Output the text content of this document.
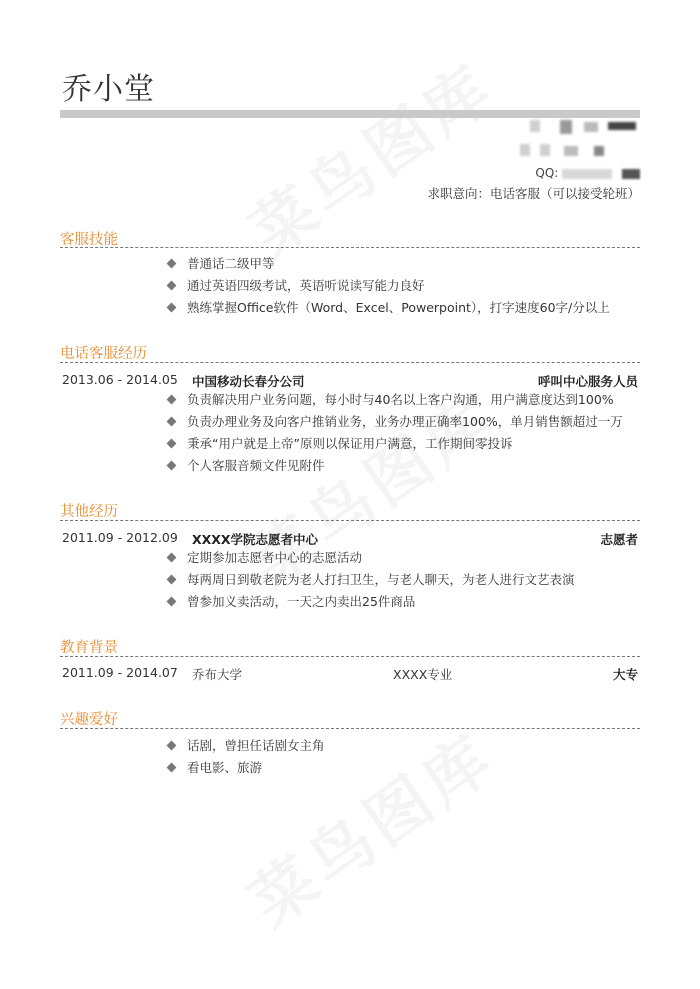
乔小堂
QQ:
求职意向：电话客服（可以接受轮班）
客服技能
普通话二级甲等
通过英语四级考试，英语听说读写能力良好
熟练掌握Office软件（Word、Excel、Powerpoint），打字速度60字/分以上
电话客服经历
2013.06 - 2014.05 中国移动长春分公司	呼叫中心服务人员
负责解决用户业务问题，每小时与40名以上客户沟通，用户满意度达到100%
负责办理业务及向客户推销业务，业务办理正确率100%，单月销售额超过一万
秉承“用户就是上帝”原则以保证用户满意，工作期间零投诉
个人客服音频文件见附件
其他经历
2011.09 - 2012.09 XXXX学院志愿者中心	志愿者
定期参加志愿者中心的志愿活动
每两周日到敬老院为老人打扫卫生，与老人聊天，为老人进行文艺表演
曾参加义卖活动，一天之内卖出25件商品
教育背景
2011.09 - 2014.07 乔布大学	XXXX专业	大专
兴趣爱好
话剧，曾担任话剧女主角
看电影、旅游
